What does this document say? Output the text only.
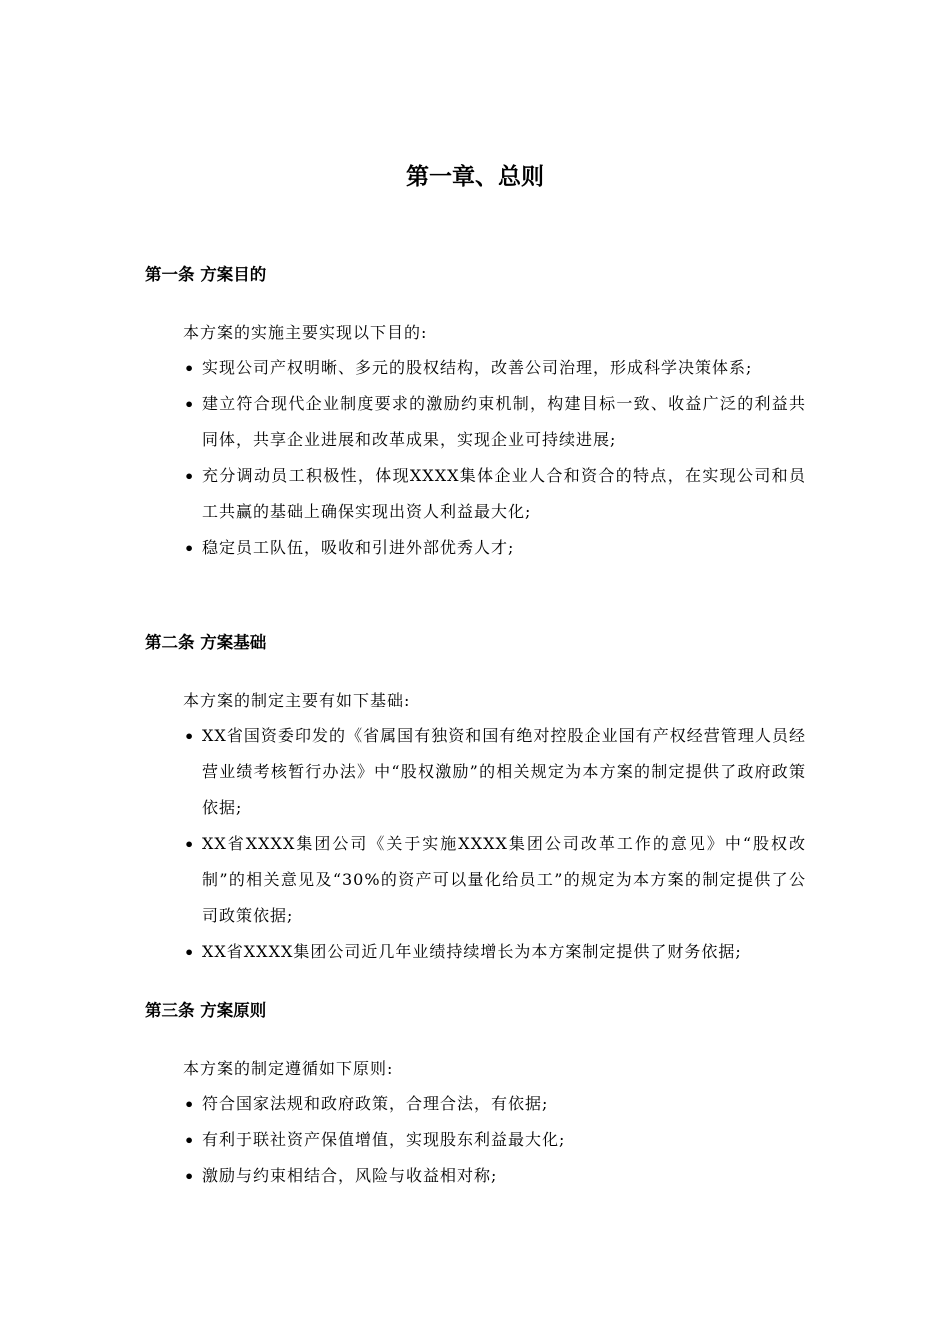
第一章、总则
第一条 方案目的

本方案的实施主要实现以下目的:

• 实现公司产权明晰、多元的股权结构，改善公司治理，形成科学决策体系;
• 建立符合现代企业制度要求的激励约束机制，构建目标一致、收益广泛的利益共同体，共享企业进展和改革成果，实现企业可持续进展;
• 充分调动员工积极性，体现XXXX集体企业人合和资合的特点，在实现公司和员工共赢的基础上确保实现出资人利益最大化;
• 稳定员工队伍，吸收和引进外部优秀人才;
第二条 方案基础

本方案的制定主要有如下基础:

• XX省国资委印发的《省属国有独资和国有绝对控股企业国有产权经营管理人员经营业绩考核暂行办法》中“股权激励”的相关规定为本方案的制定提供了政府政策依据;
• XX省XXXX集团公司《关于实施XXXX集团公司改革工作的意见》中“股权改制”的相关意见及“30%的资产可以量化给员工”的规定为本方案的制定提供了公司政策依据;
• XX省XXXX集团公司近几年业绩持续增长为本方案制定提供了财务依据;
第三条 方案原则

本方案的制定遵循如下原则:

• 符合国家法规和政府政策，合理合法，有依据;
• 有利于联社资产保值增值，实现股东利益最大化;
• 激励与约束相结合，风险与收益相对称;
